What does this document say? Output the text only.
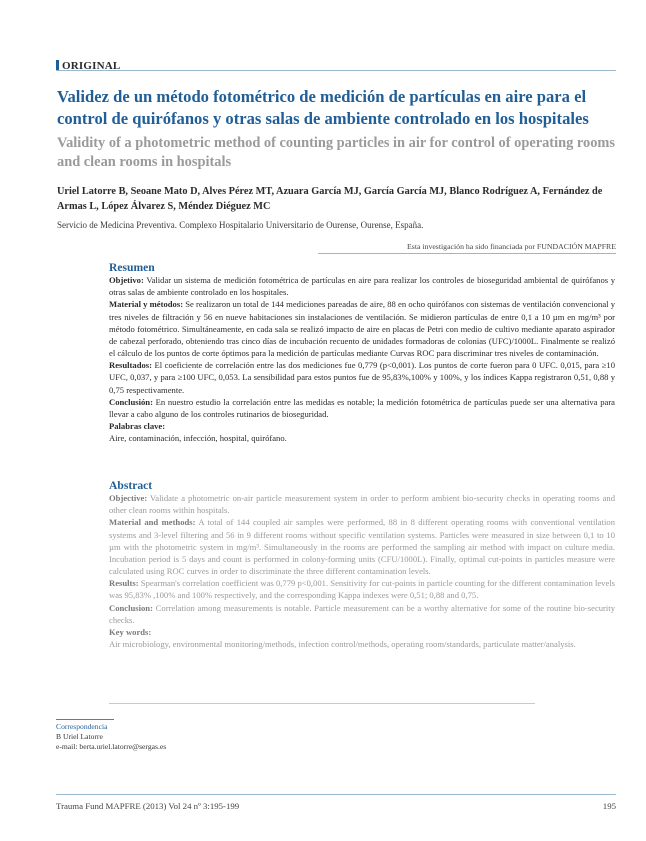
ORIGINAL
Validez de un método fotométrico de medición de partículas en aire para el control de quirófanos y otras salas de ambiente controlado en los hospitales
Validity of a photometric method of counting particles in air for control of operating rooms and clean rooms in hospitals
Uriel Latorre B, Seoane Mato D, Alves Pérez MT, Azuara García MJ, García García MJ, Blanco Rodríguez A, Fernández de Armas L, López Álvarez S, Méndez Diéguez MC
Servicio de Medicina Preventiva. Complexo Hospitalario Universitario de Ourense, Ourense, España.
Esta investigación ha sido financiada por FUNDACIÓN MAPFRE
Resumen

Objetivo: Validar un sistema de medición fotométrica de partículas en aire para realizar los controles de bioseguridad ambiental de quirófanos y otras salas de ambiente controlado en los hospitales.

Material y métodos: Se realizaron un total de 144 mediciones pareadas de aire, 88 en ocho quirófanos con sistemas de ventilación convencional y tres niveles de filtración y 56 en nueve habitaciones sin instalaciones de ventilación. Se midieron partículas de entre 0,1 a 10 µm en mg/m³ por método fotométrico. Simultáneamente, en cada sala se realizó impacto de aire en placas de Petri con medio de cultivo mediante aparato aspirador de cabezal perforado, obteniendo tras cinco días de incubación recuento de unidades formadoras de colonias (UFC)/1000L. Finalmente se realizó el cálculo de los puntos de corte óptimos para la medición de partículas mediante Curvas ROC para discriminar tres niveles de contaminación.

Resultados: El coeficiente de correlación entre las dos mediciones fue 0,779 (p<0,001). Los puntos de corte fueron para 0 UFC. 0,015, para ≥10 UFC, 0,037, y para ≥100 UFC, 0,053. La sensibilidad para estos puntos fue de 95,83%,100% y 100%, y los índices Kappa registraron 0,51, 0,88 y 0,75 respectivamente.

Conclusión: En nuestro estudio la correlación entre las medidas es notable; la medición fotométrica de partículas puede ser una alternativa para llevar a cabo alguno de los controles rutinarios de bioseguridad.

Palabras clave:

Aire, contaminación, infección, hospital, quirófano.

Abstract

Objective: Validate a photometric on-air particle measurement system in order to perform ambient bio-security checks in operating rooms and other clean rooms within hospitals.

Material and methods: A total of 144 coupled air samples were performed, 88 in 8 different operating rooms with conventional ventilation systems and 3-level filtering and 56 in 9 different rooms without specific ventilation systems. Particles were measured in size between 0,1 to 10 µm with the photometric system in mg/m³. Simultaneously in the rooms are performed the sampling air method with impact on culture media. Incubation period is 5 days and count is performed in colony-forming units (CFU/1000L). Finally, optimal cut-points in particles measure were calculated using ROC curves in order to discriminate the three different contamination levels.

Results: Spearman's correlation coefficient was 0,779 p<0,001. Sensitivity for cut-points in particle counting for the different contamination levels was 95,83% ,100% and 100% respectively, and the corresponding Kappa indexes were 0,51; 0,88 and 0,75.

Conclusion: Correlation among measurements is notable. Particle measurement can be a worthy alternative for some of the routine bio-security checks.

Key words:

Air microbiology, environmental monitoring/methods, infection control/methods, operating room/standards, particulate matter/analysis.

Correspondencia
B Uriel Latorre
e-mail: berta.uriel.latorre@sergas.es
Trauma Fund MAPFRE (2013) Vol 24 nº 3:195-199	195
